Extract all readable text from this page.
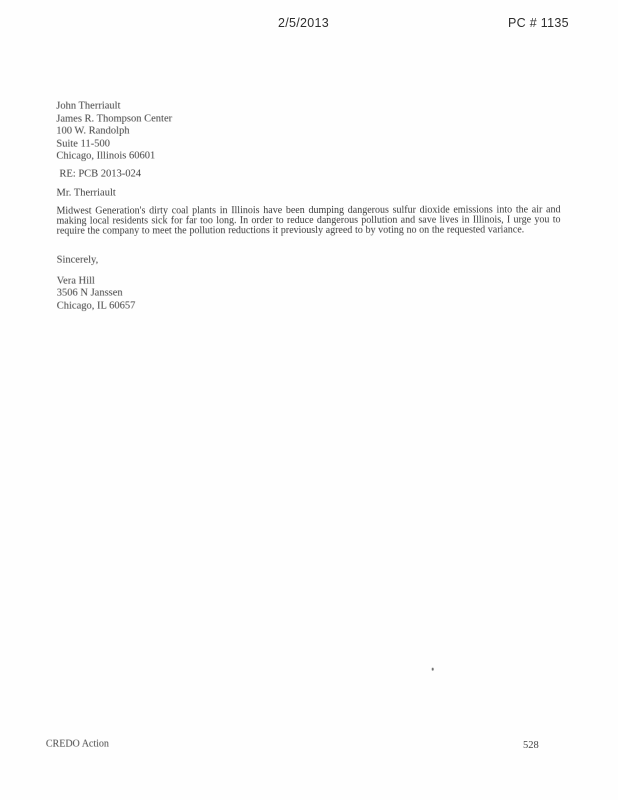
2/5/2013	PC # 1135
John Therriault
James R. Thompson Center
100 W. Randolph
Suite 11-500
Chicago, Illinois 60601
RE: PCB 2013-024
Mr. Therriault
Midwest Generation's dirty coal plants in Illinois have been dumping dangerous sulfur dioxide emissions into the air and making local residents sick for far too long. In order to reduce dangerous pollution and save lives in Illinois, I urge you to require the company to meet the pollution reductions it previously agreed to by voting no on the requested variance.
Sincerely,
Vera Hill
3506 N Janssen
Chicago, IL 60657
CREDO Action	528
